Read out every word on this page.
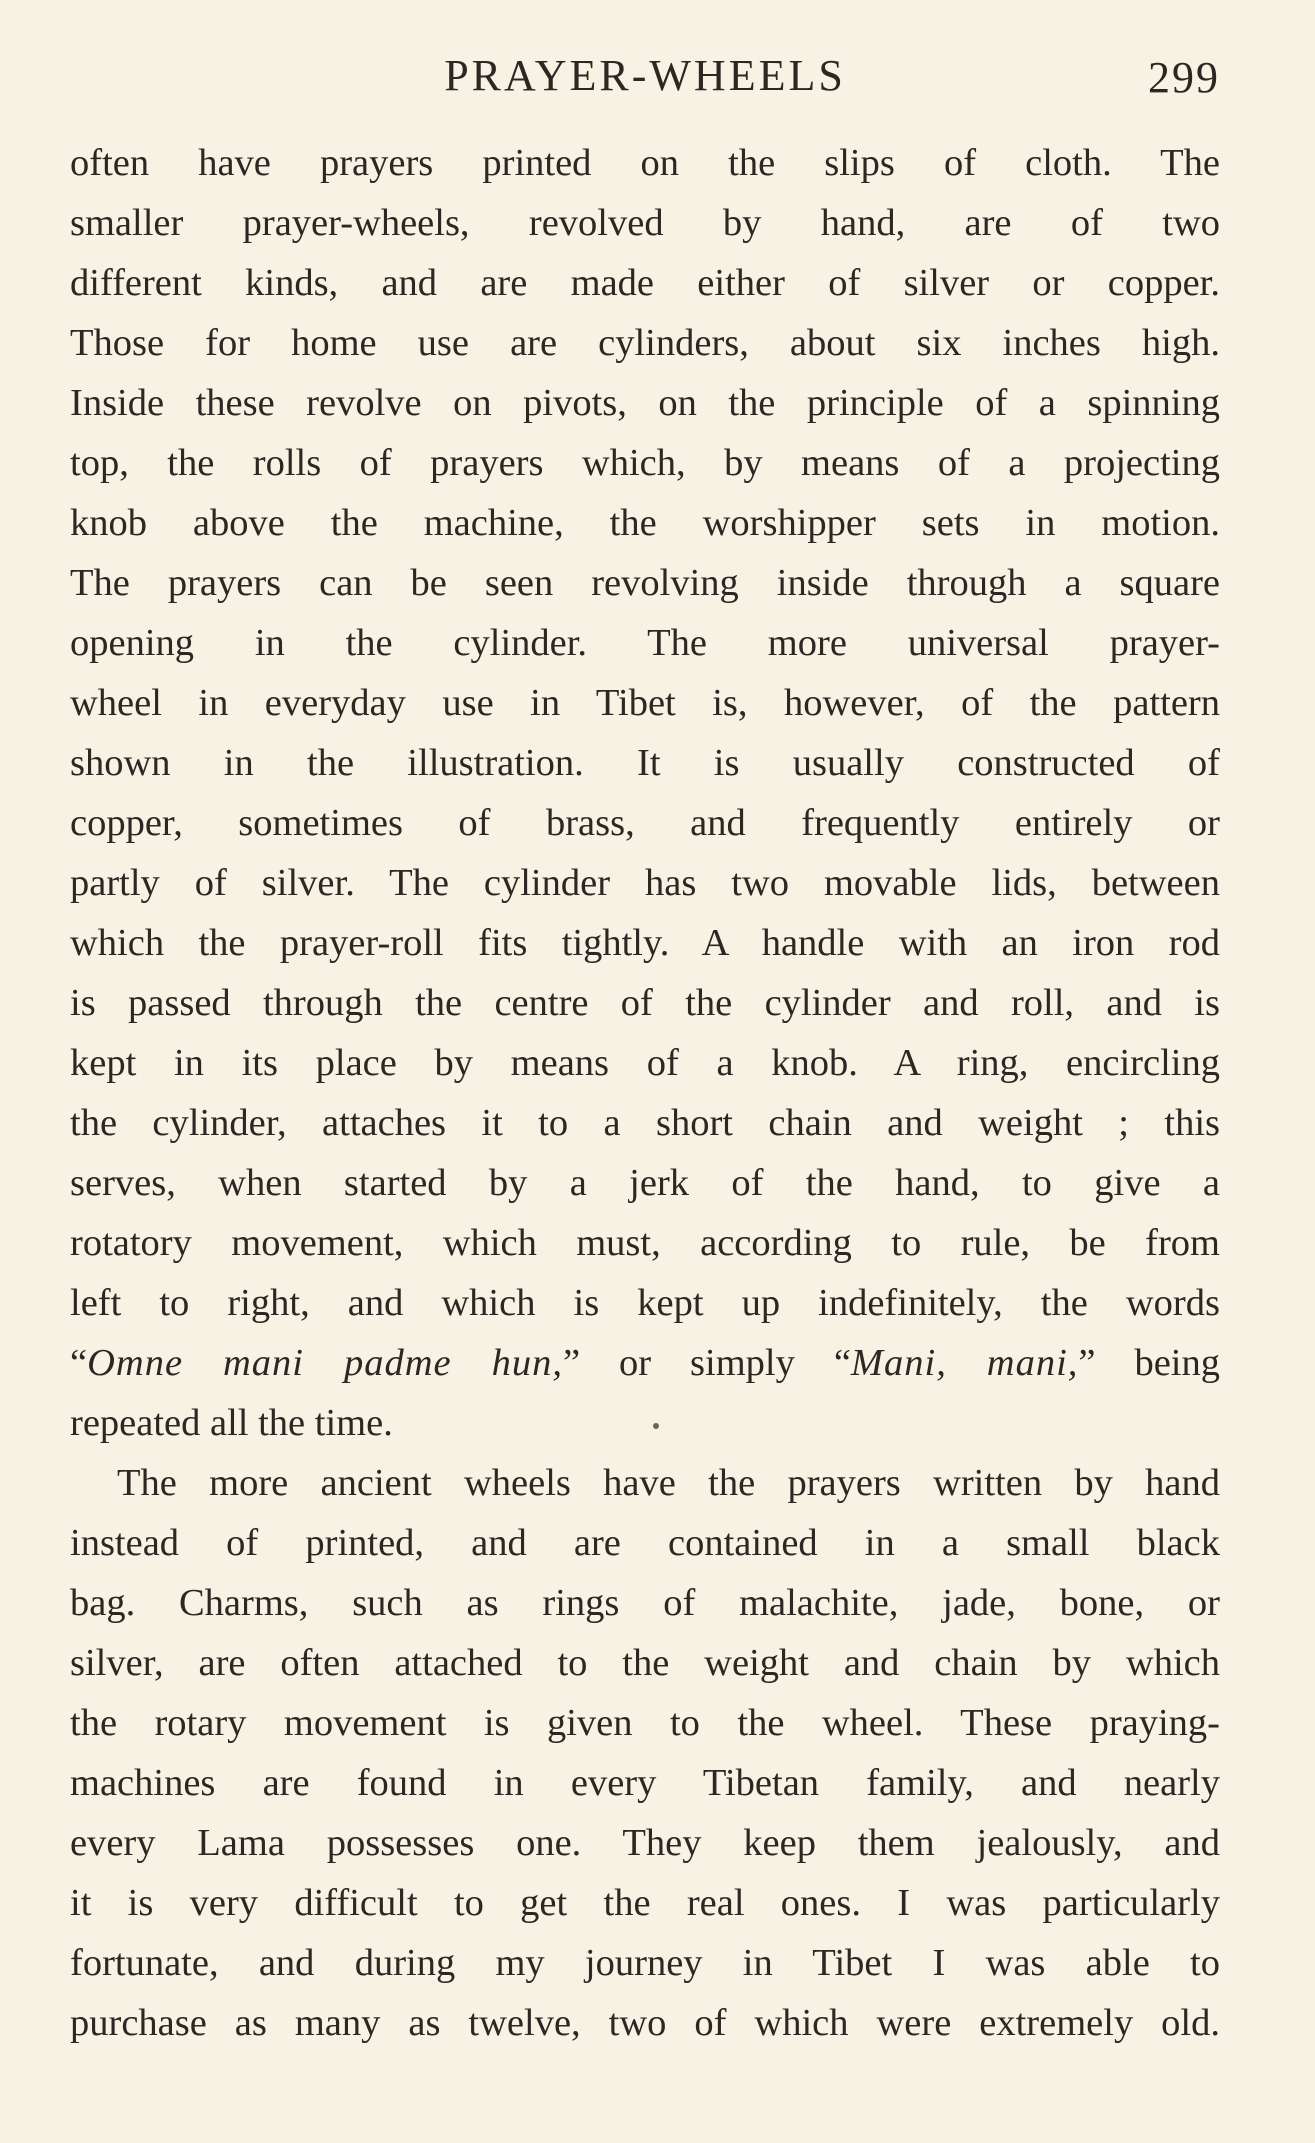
PRAYER-WHEELS	299
often have prayers printed on the slips of cloth. The
smaller prayer-wheels, revolved by hand, are of two
different kinds, and are made either of silver or copper.
Those for home use are cylinders, about six inches high.
Inside these revolve on pivots, on the principle of a spinning
top, the rolls of prayers which, by means of a projecting
knob above the machine, the worshipper sets in motion.
The prayers can be seen revolving inside through a square
opening in the cylinder. The more universal prayer-
wheel in everyday use in Tibet is, however, of the pattern
shown in the illustration. It is usually constructed of
copper, sometimes of brass, and frequently entirely or
partly of silver. The cylinder has two movable lids, between
which the prayer-roll fits tightly. A handle with an iron rod
is passed through the centre of the cylinder and roll, and is
kept in its place by means of a knob. A ring, encircling
the cylinder, attaches it to a short chain and weight ; this
serves, when started by a jerk of the hand, to give a
rotatory movement, which must, according to rule, be from
left to right, and which is kept up indefinitely, the words
“Omne mani padme hun,” or simply “Mani, mani,” being
repeated all the time.
The more ancient wheels have the prayers written by hand
instead of printed, and are contained in a small black
bag. Charms, such as rings of malachite, jade, bone, or
silver, are often attached to the weight and chain by which
the rotary movement is given to the wheel. These praying-
machines are found in every Tibetan family, and nearly
every Lama possesses one. They keep them jealously, and
it is very difficult to get the real ones. I was particularly
fortunate, and during my journey in Tibet I was able to
purchase as many as twelve, two of which were extremely old.
